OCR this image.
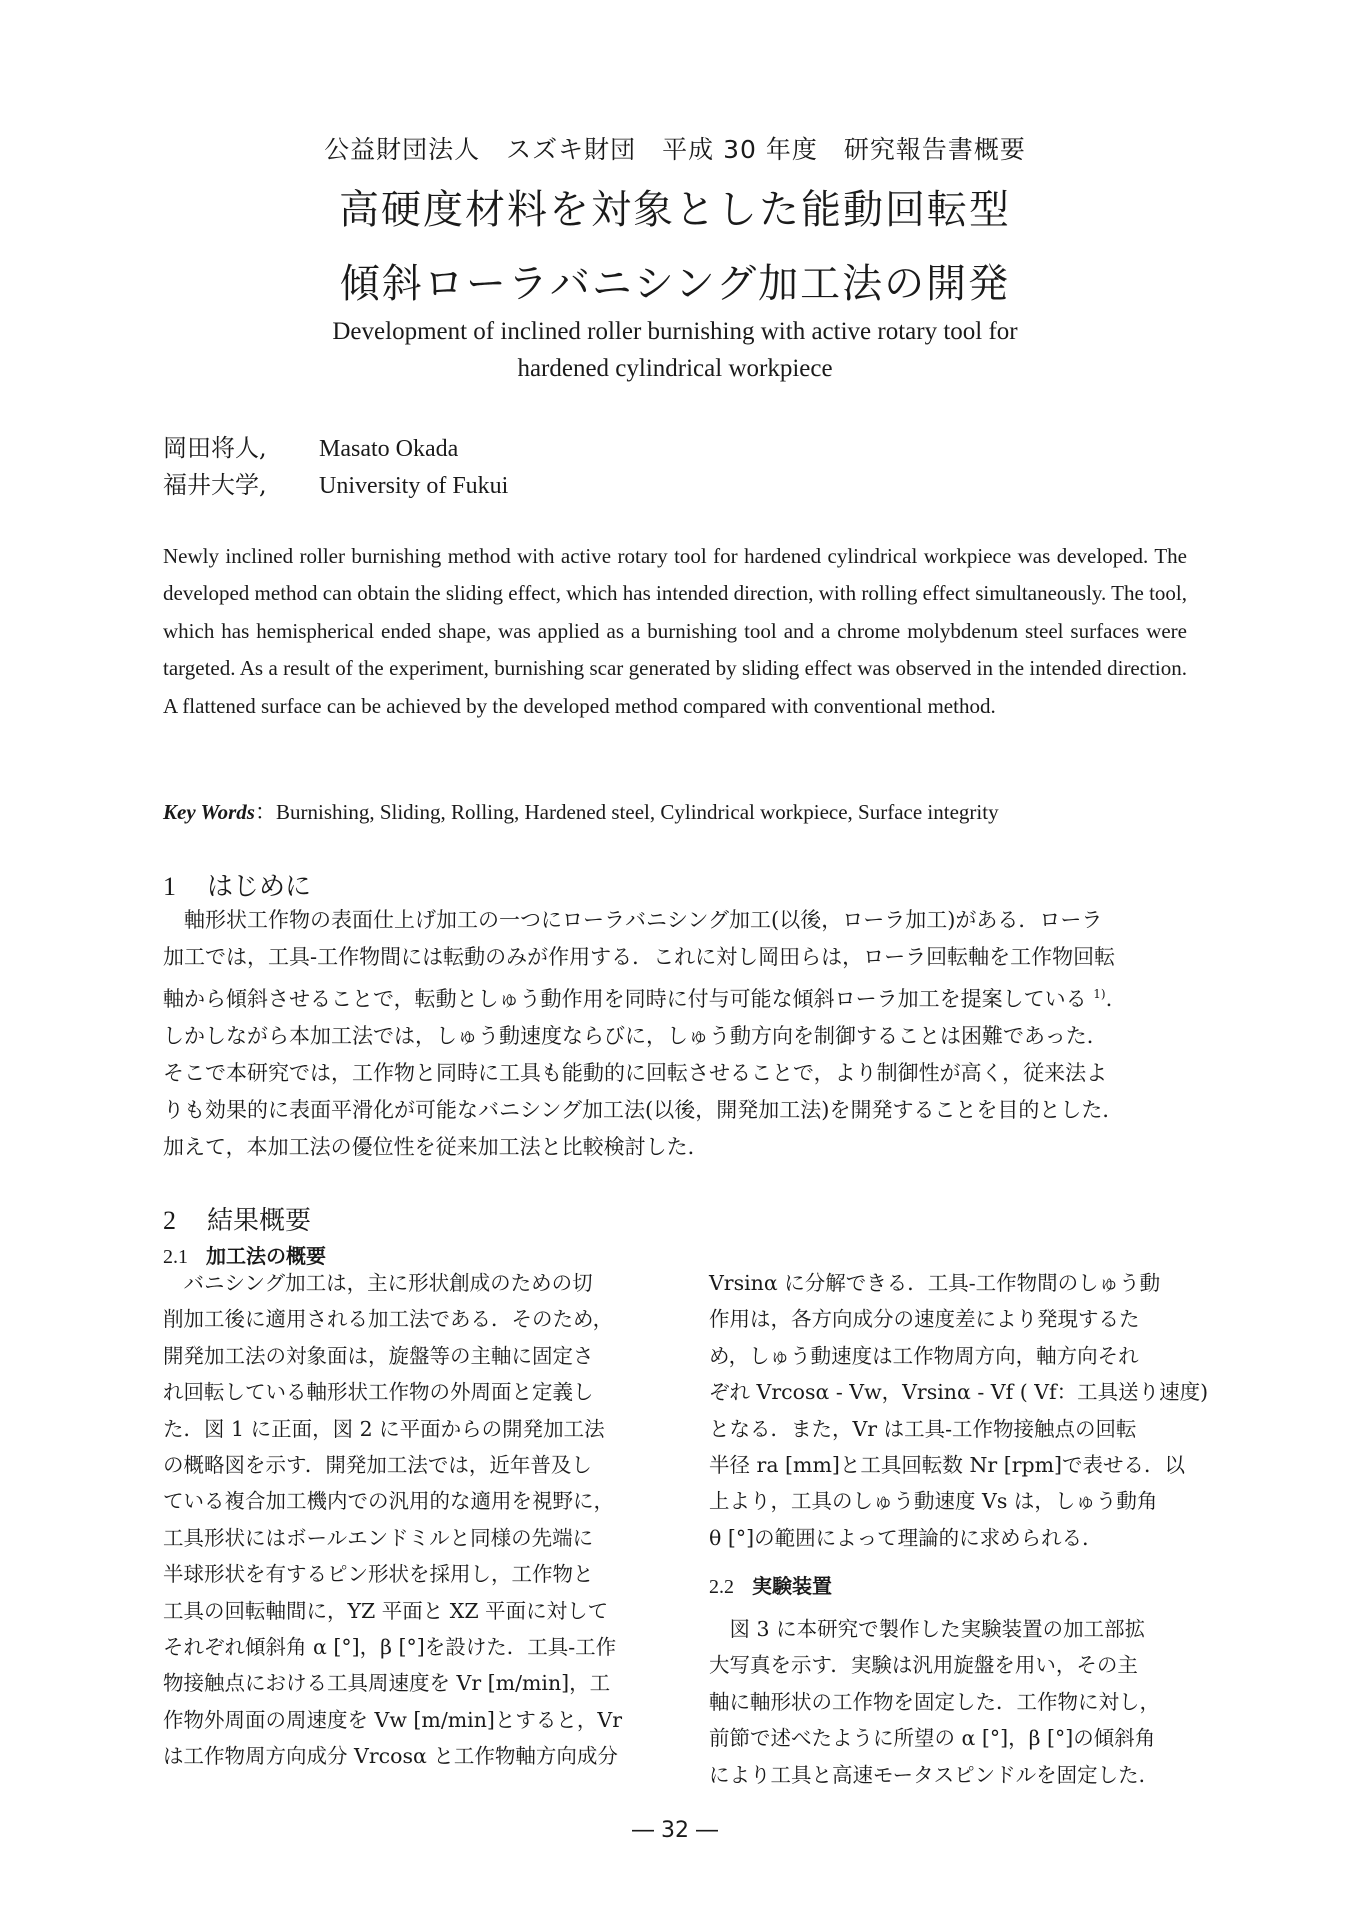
公益財団法人　スズキ財団　平成 30 年度　研究報告書概要
高硬度材料を対象とした能動回転型
傾斜ローラバニシング加工法の開発
Development of inclined roller burnishing with active rotary tool for
hardened cylindrical workpiece
岡田将人, Masato Okada
福井大学, University of Fukui
Newly inclined roller burnishing method with active rotary tool for hardened cylindrical workpiece was developed. The developed method can obtain the sliding effect, which has intended direction, with rolling effect simultaneously. The tool, which has hemispherical ended shape, was applied as a burnishing tool and a chrome molybdenum steel surfaces were targeted. As a result of the experiment, burnishing scar generated by sliding effect was observed in the intended direction. A flattened surface can be achieved by the developed method compared with conventional method.
Key Words：Burnishing, Sliding, Rolling, Hardened steel, Cylindrical workpiece, Surface integrity
1 はじめに
　軸形状工作物の表面仕上げ加工の一つにローラバニシング加工(以後，ローラ加工)がある．ローラ
加工では，工具-工作物間には転動のみが作用する．これに対し岡田らは，ローラ回転軸を工作物回転
軸から傾斜させることで，転動としゅう動作用を同時に付与可能な傾斜ローラ加工を提案している $^{1)}$.
しかしながら本加工法では，しゅう動速度ならびに，しゅう動方向を制御することは困難であった．
そこで本研究では，工作物と同時に工具も能動的に回転させることで，より制御性が高く，従来法よ
りも効果的に表面平滑化が可能なバニシング加工法(以後，開発加工法)を開発することを目的とした．
加えて，本加工法の優位性を従来加工法と比較検討した．
2 結果概要
2.1 加工法の概要
　バニシング加工は，主に形状創成のための切
削加工後に適用される加工法である．そのため，
開発加工法の対象面は，旋盤等の主軸に固定さ
れ回転している軸形状工作物の外周面と定義し
た．図 1 に正面，図 2 に平面からの開発加工法
の概略図を示す．開発加工法では，近年普及し
ている複合加工機内での汎用的な適用を視野に，
工具形状にはボールエンドミルと同様の先端に
半球形状を有するピン形状を採用し，工作物と
工具の回転軸間に，YZ 平面と XZ 平面に対して
それぞれ傾斜角 α [°]，β [°]を設けた．工具-工作
物接触点における工具周速度を Vr [m/min]，工
作物外周面の周速度を Vw [m/min]とすると，Vr
は工作物周方向成分 Vrcosα と工作物軸方向成分
Vrsinα に分解できる．工具-工作物間のしゅう動
作用は，各方向成分の速度差により発現するた
め，しゅう動速度は工作物周方向，軸方向それ
ぞれ Vrcosα - Vw，Vrsinα - Vf ( Vf：工具送り速度)
となる．また，Vr は工具-工作物接触点の回転
半径 ra [mm]と工具回転数 Nr [rpm]で表せる．以
上より，工具のしゅう動速度 Vs は，しゅう動角
θ [°]の範囲によって理論的に求められる．
2.2 実験装置
　図 3 に本研究で製作した実験装置の加工部拡
大写真を示す．実験は汎用旋盤を用い，その主
軸に軸形状の工作物を固定した．工作物に対し，
前節で述べたように所望の α [°]，β [°]の傾斜角
により工具と高速モータスピンドルを固定した．
― 32 ―
